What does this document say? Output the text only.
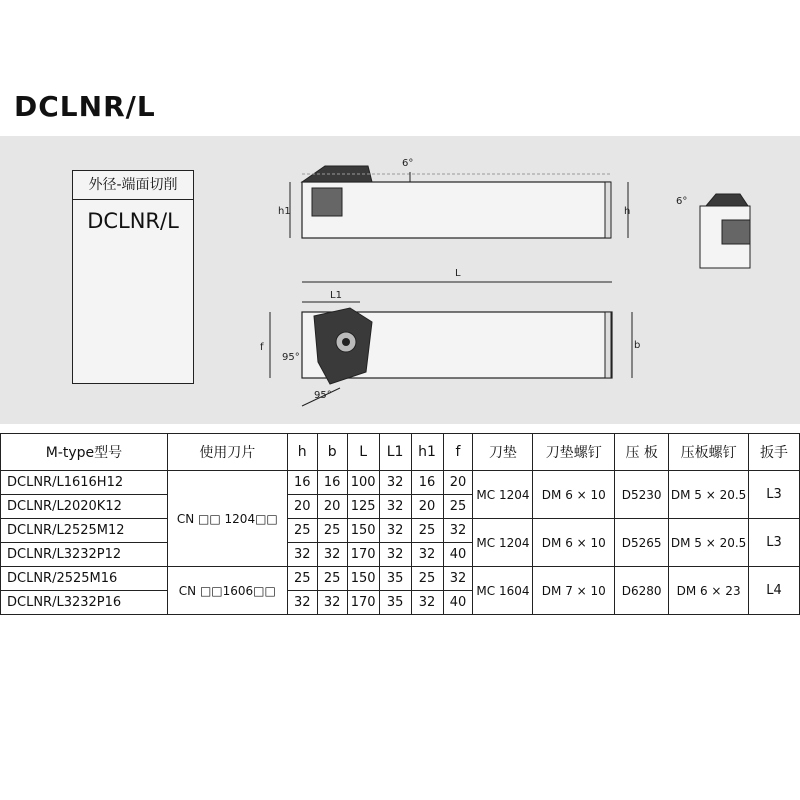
DCLNR/L
6°
h1	h
L
L1
f	b
95°
95°
6°
外径-端面切削
DCLNR/L
M-type型号	使用刀片	h	b	L	L1	h1	f	刀垫	刀垫螺钉	压 板	压板螺钉	扳手
DCLNR/L1616H12	CN □□ 1204□□	16	16	100	32	16	20	MC 1204	DM 6 × 10	D5230	DM 5 × 20.5	L3
DCLNR/L2020K12		20	20	125	32	20	25					
DCLNR/L2525M12		25	25	150	32	25	32	MC 1204	DM 6 × 10	D5265	DM 5 × 20.5	L3
DCLNR/L3232P12		32	32	170	32	32	40					
DCLNR/2525M16	CN □□1606□□	25	25	150	35	25	32	MC 1604	DM 7 × 10	D6280	DM 6 × 23	L4
DCLNR/L3232P16		32	32	170	35	32	40					
